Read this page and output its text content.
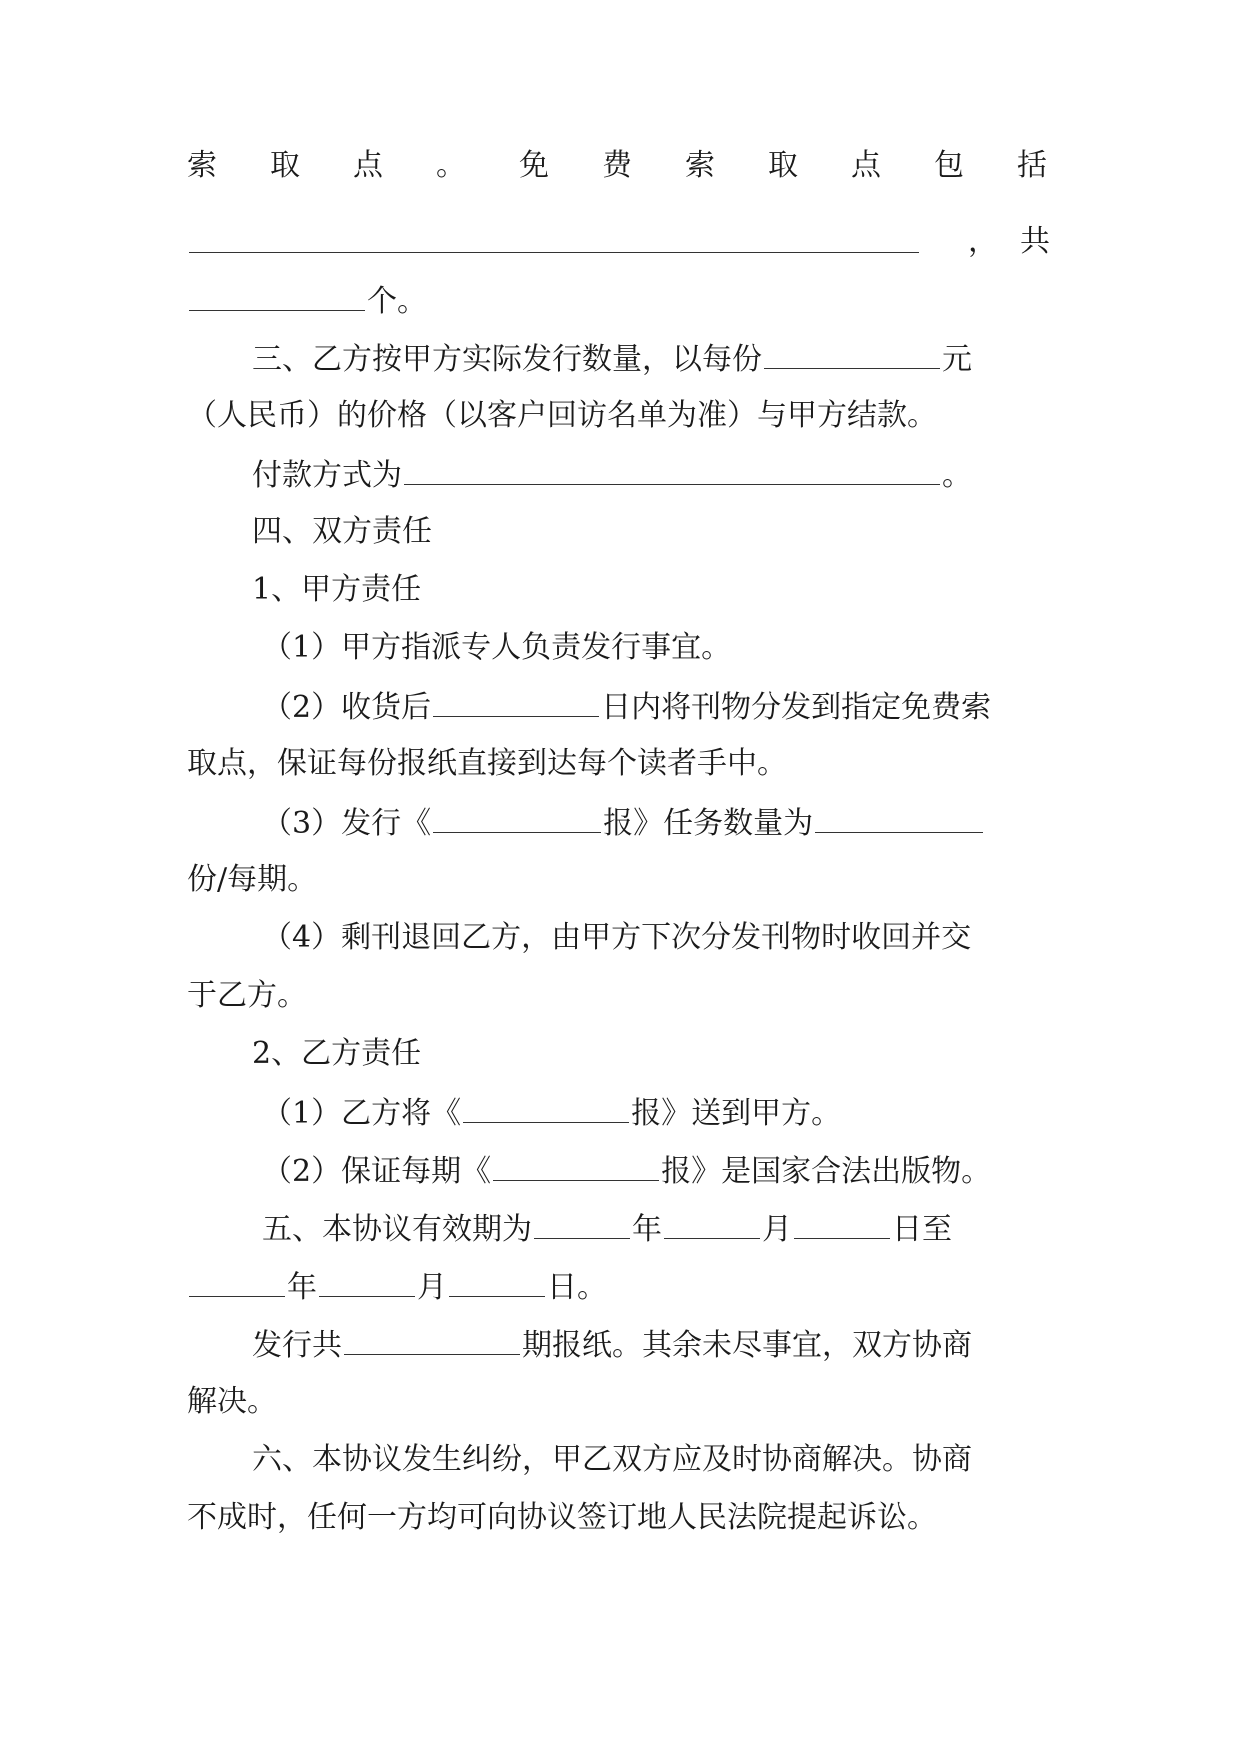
索 取 点 。 免 费 索 取 点 包 括
，共
个。
三、乙方按甲方实际发行数量，以每份	元
（人民币）的价格（以客户回访名单为准）与甲方结款。
付款方式为	。
四、双方责任
1、甲方责任
（1）甲方指派专人负责发行事宜。
（2）收货后	日内将刊物分发到指定免费索
取点，保证每份报纸直接到达每个读者手中。
（3）发行《	报》任务数量为
份/每期。
（4）剩刊退回乙方，由甲方下次分发刊物时收回并交
于乙方。
2、乙方责任
（1）乙方将《	报》送到甲方。
（2）保证每期《	报》是国家合法出版物。
五、本协议有效期为	年	月	日至
年	月	日。
发行共	期报纸。其余未尽事宜，双方协商
解决。
六、本协议发生纠纷，甲乙双方应及时协商解决。协商
不成时，任何一方均可向协议签订地人民法院提起诉讼。
